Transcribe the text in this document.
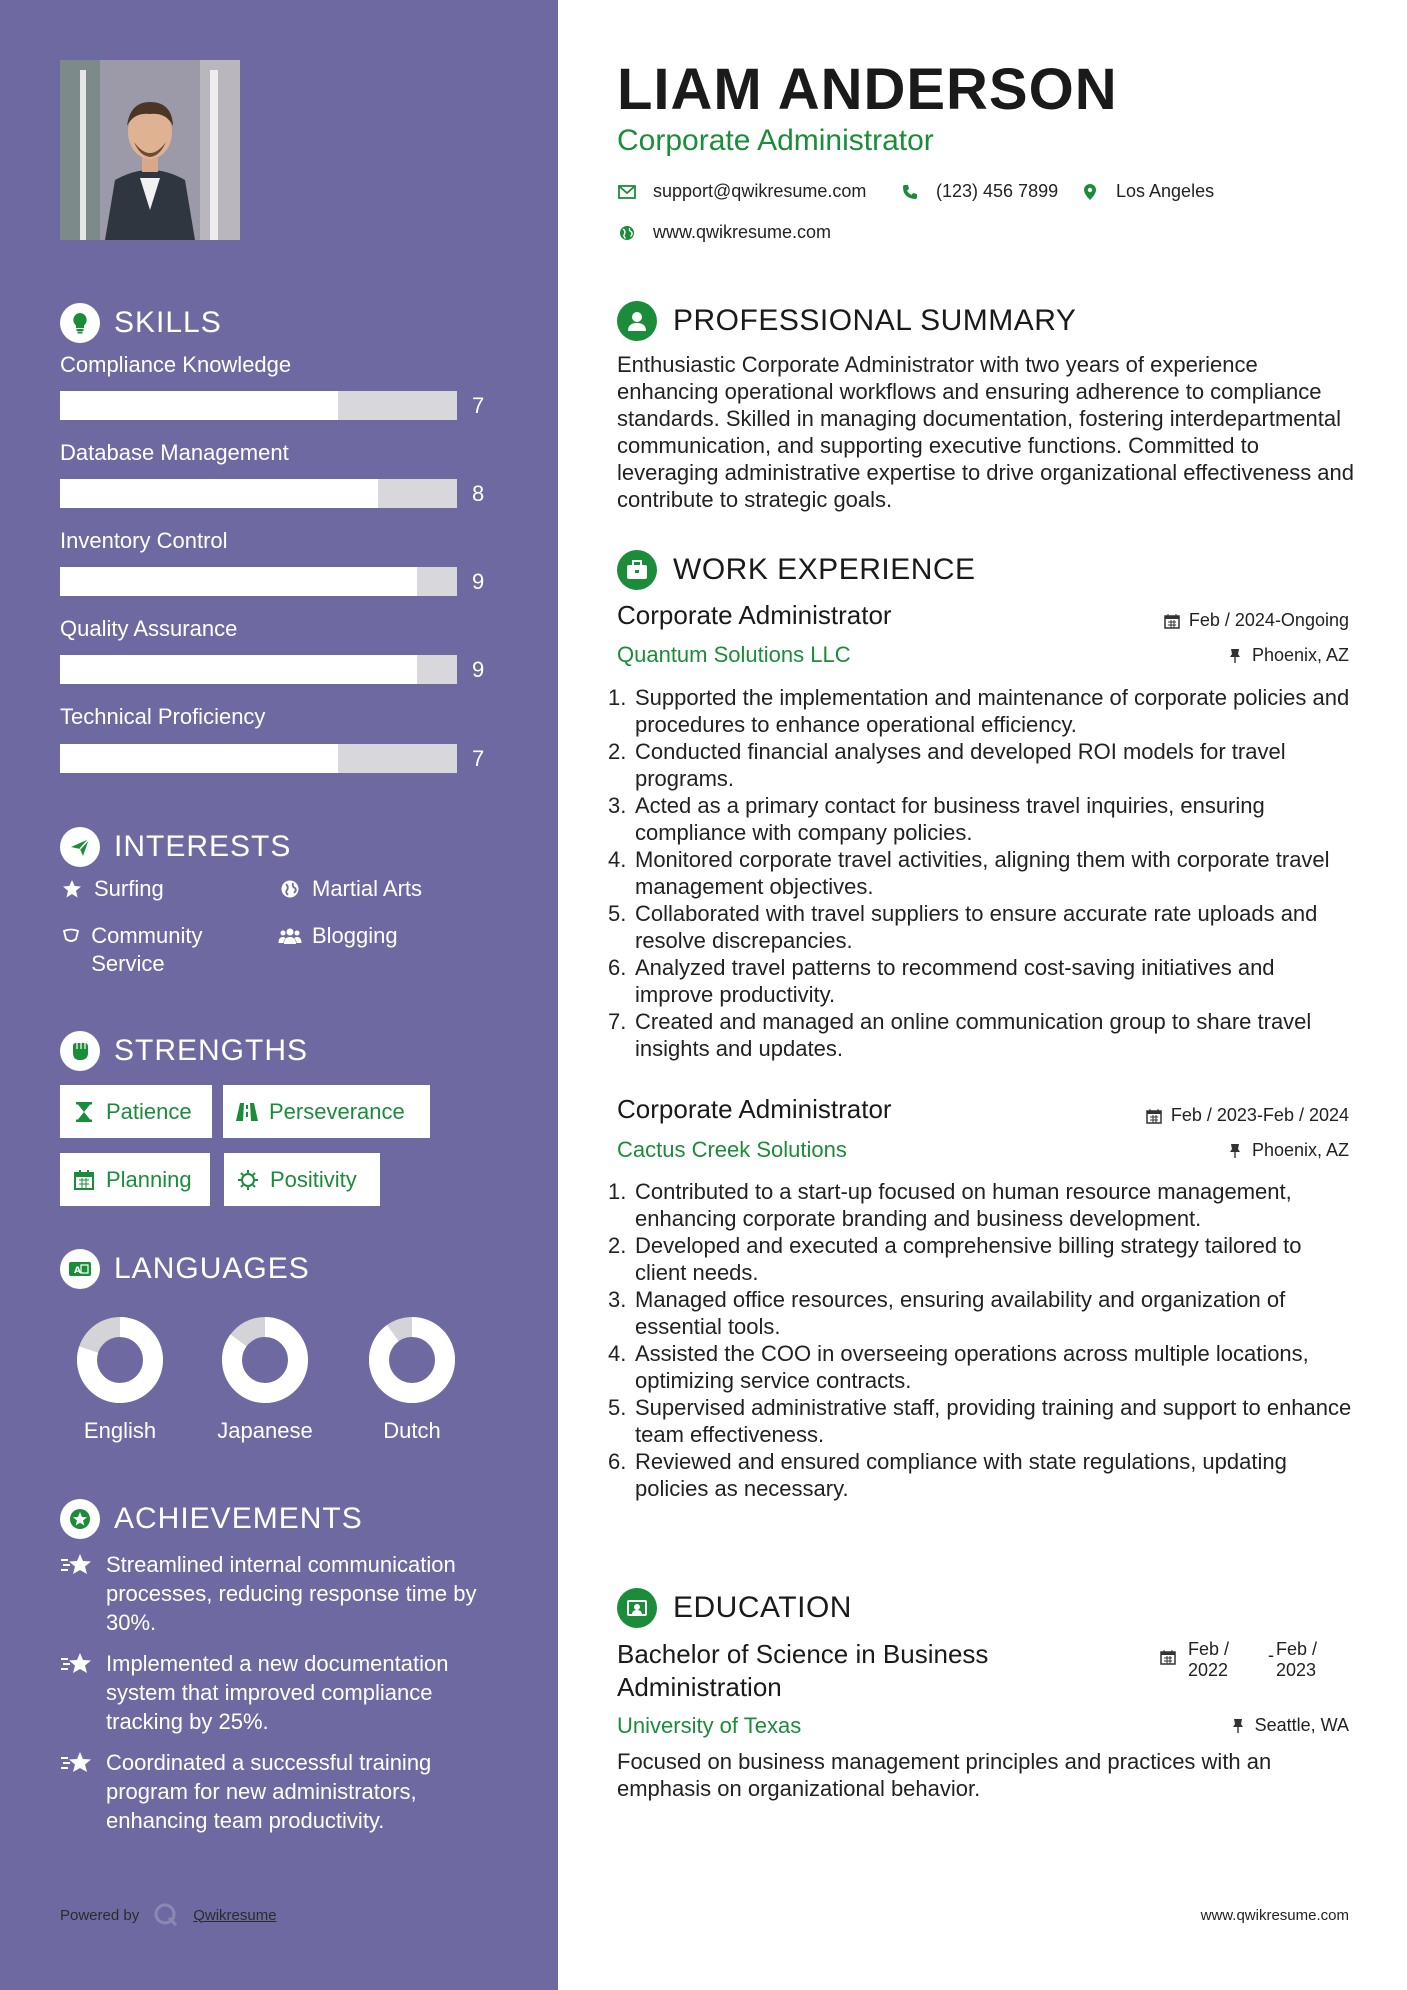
SKILLS
Compliance Knowledge
7
Database Management
8
Inventory Control
9
Quality Assurance
9
Technical Proficiency
7
INTERESTS
Surfing	Martial Arts
Community Service
Blogging
STRENGTHS
Patience	Perseverance
Planning	Positivity
A LANGUAGES
English	Japanese	Dutch
ACHIEVEMENTS
Streamlined internal communication processes, reducing response time by 30%.
Implemented a new documentation system that improved compliance tracking by 25%.
Coordinated a successful training program for new administrators, enhancing team productivity.
Powered by	Qwikresume
LIAM ANDERSON
Corporate Administrator
support@qwikresume.com	(123) 456 7899	Los Angeles
www.qwikresume.com
PROFESSIONAL SUMMARY
Enthusiastic Corporate Administrator with two years of experience enhancing operational workflows and ensuring adherence to compliance standards. Skilled in managing documentation, fostering interdepartmental communication, and supporting executive functions. Committed to leveraging administrative expertise to drive organizational effectiveness and contribute to strategic goals.
WORK EXPERIENCE
Corporate Administrator	Feb / 2024-Ongoing
Quantum Solutions LLC	Phoenix, AZ
1. Supported the implementation and maintenance of corporate policies and procedures to enhance operational efficiency.
2. Conducted financial analyses and developed ROI models for travel programs.
3. Acted as a primary contact for business travel inquiries, ensuring compliance with company policies.
4. Monitored corporate travel activities, aligning them with corporate travel management objectives.
5. Collaborated with travel suppliers to ensure accurate rate uploads and resolve discrepancies.
6. Analyzed travel patterns to recommend cost-saving initiatives and improve productivity.
7. Created and managed an online communication group to share travel insights and updates.
Corporate Administrator	Feb / 2023-Feb / 2024
Cactus Creek Solutions	Phoenix, AZ
1. Contributed to a start-up focused on human resource management, enhancing corporate branding and business development.
2. Developed and executed a comprehensive billing strategy tailored to client needs.
3. Managed office resources, ensuring availability and organization of essential tools.
4. Assisted the COO in overseeing operations across multiple locations, optimizing service contracts.
5. Supervised administrative staff, providing training and support to enhance team effectiveness.
6. Reviewed and ensured compliance with state regulations, updating policies as necessary.
EDUCATION
Bachelor of Science in Business Administration
Feb / 2022
- Feb / 2023
University of Texas	Seattle, WA
Focused on business management principles and practices with an emphasis on organizational behavior.
www.qwikresume.com
